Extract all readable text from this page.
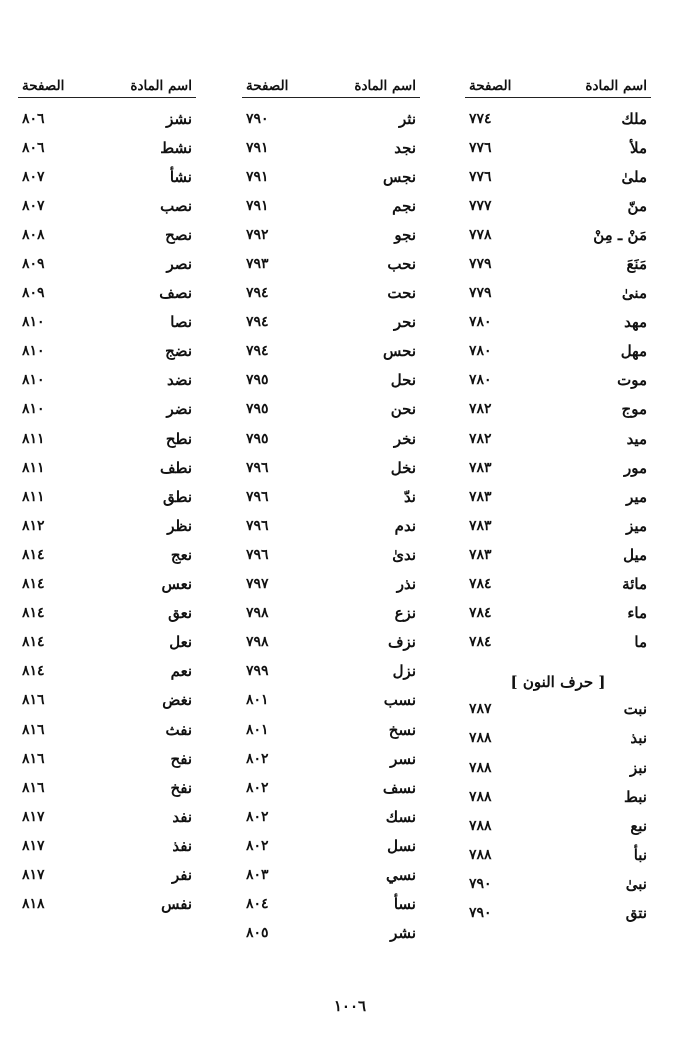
اسم المادة
الصفحة
ملك
٧٧٤
ملأ
٧٧٦
ملىٰ
٧٧٦
منّ
٧٧٧
مَنْ ـ مِنْ
٧٧٨
مَنَعَ
٧٧٩
منىٰ
٧٧٩
مهد
٧٨٠
مهل
٧٨٠
موت
٧٨٠
موج
٧٨٢
ميد
٧٨٢
مور
٧٨٣
مير
٧٨٣
ميز
٧٨٣
ميل
٧٨٣
مائة
٧٨٤
ماء
٧٨٤
ما
٧٨٤
[ حرف النون ]
نبت
٧٨٧
نبذ
٧٨٨
نبز
٧٨٨
نبط
٧٨٨
نبع
٧٨٨
نبأ
٧٨٨
نبىٰ
٧٩٠
نتق
٧٩٠
اسم المادة
الصفحة
نثر
٧٩٠
نجد
٧٩١
نجس
٧٩١
نجم
٧٩١
نجو
٧٩٢
نحب
٧٩٣
نحت
٧٩٤
نحر
٧٩٤
نحس
٧٩٤
نحل
٧٩٥
نحن
٧٩٥
نخر
٧٩٥
نخل
٧٩٦
ندّ
٧٩٦
ندم
٧٩٦
ندىٰ
٧٩٦
نذر
٧٩٧
نزع
٧٩٨
نزف
٧٩٨
نزل
٧٩٩
نسب
٨٠١
نسخ
٨٠١
نسر
٨٠٢
نسف
٨٠٢
نسك
٨٠٢
نسل
٨٠٢
نسي
٨٠٣
نسأ
٨٠٤
نشر
٨٠٥
اسم المادة
الصفحة
نشز
٨٠٦
نشط
٨٠٦
نشأ
٨٠٧
نصب
٨٠٧
نصح
٨٠٨
نصر
٨٠٩
نصف
٨٠٩
نصا
٨١٠
نضج
٨١٠
نضد
٨١٠
نضر
٨١٠
نطح
٨١١
نطف
٨١١
نطق
٨١١
نظر
٨١٢
نعج
٨١٤
نعس
٨١٤
نعق
٨١٤
نعل
٨١٤
نعم
٨١٤
نغض
٨١٦
نفث
٨١٦
نفح
٨١٦
نفخ
٨١٦
نفد
٨١٧
نفذ
٨١٧
نفر
٨١٧
نفس
٨١٨
١٠٠٦
